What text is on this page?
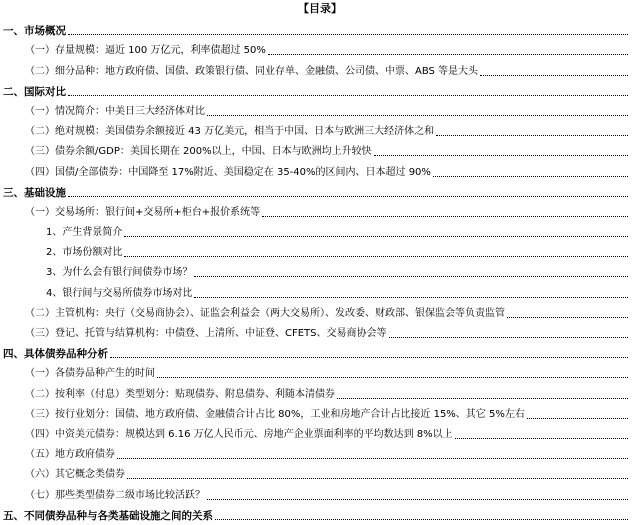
【目录】
一、市场概况
（一）存量规模：逼近 100 万亿元，利率债超过 50%
（二）细分品种：地方政府债、国债、政策银行债、同业存单、金融债、公司债、中票、ABS 等是大头
二、国际对比
（一）情况简介：中美日三大经济体对比
（二）绝对规模：美国债券余额接近 43 万亿美元，相当于中国、日本与欧洲三大经济体之和
（三）债券余额/GDP：美国长期在 200%以上，中国、日本与欧洲均上升较快
（四）国债/全部债券：中国降至 17%附近、美国稳定在 35-40%的区间内、日本超过 90%
三、基础设施
（一）交易场所：银行间+交易所+柜台+报价系统等
1、产生背景简介
2、市场份额对比
3、为什么会有银行间债券市场？
4、银行间与交易所债券市场对比
（二）主管机构：央行（交易商协会）、证监会利益会（两大交易所）、发改委、财政部、银保监会等负责监管
（三）登记、托管与结算机构：中债登、上清所、中证登、CFETS、交易商协会等
四、具体债券品种分析
（一）各债券品种产生的时间
（二）按利率（付息）类型划分：贴现债券、附息债券、利随本清债券
（三）按行业划分：国债、地方政府债、金融债合计占比 80%，工业和房地产合计占比接近 15%、其它 5%左右
（四）中资美元债券：规模达到 6.16 万亿人民币元、房地产企业票面利率的平均数达到 8%以上
（五）地方政府债券
（六）其它概念类债券
（七）那些类型债券二级市场比较活跃？
五、不同债券品种与各类基础设施之间的关系
